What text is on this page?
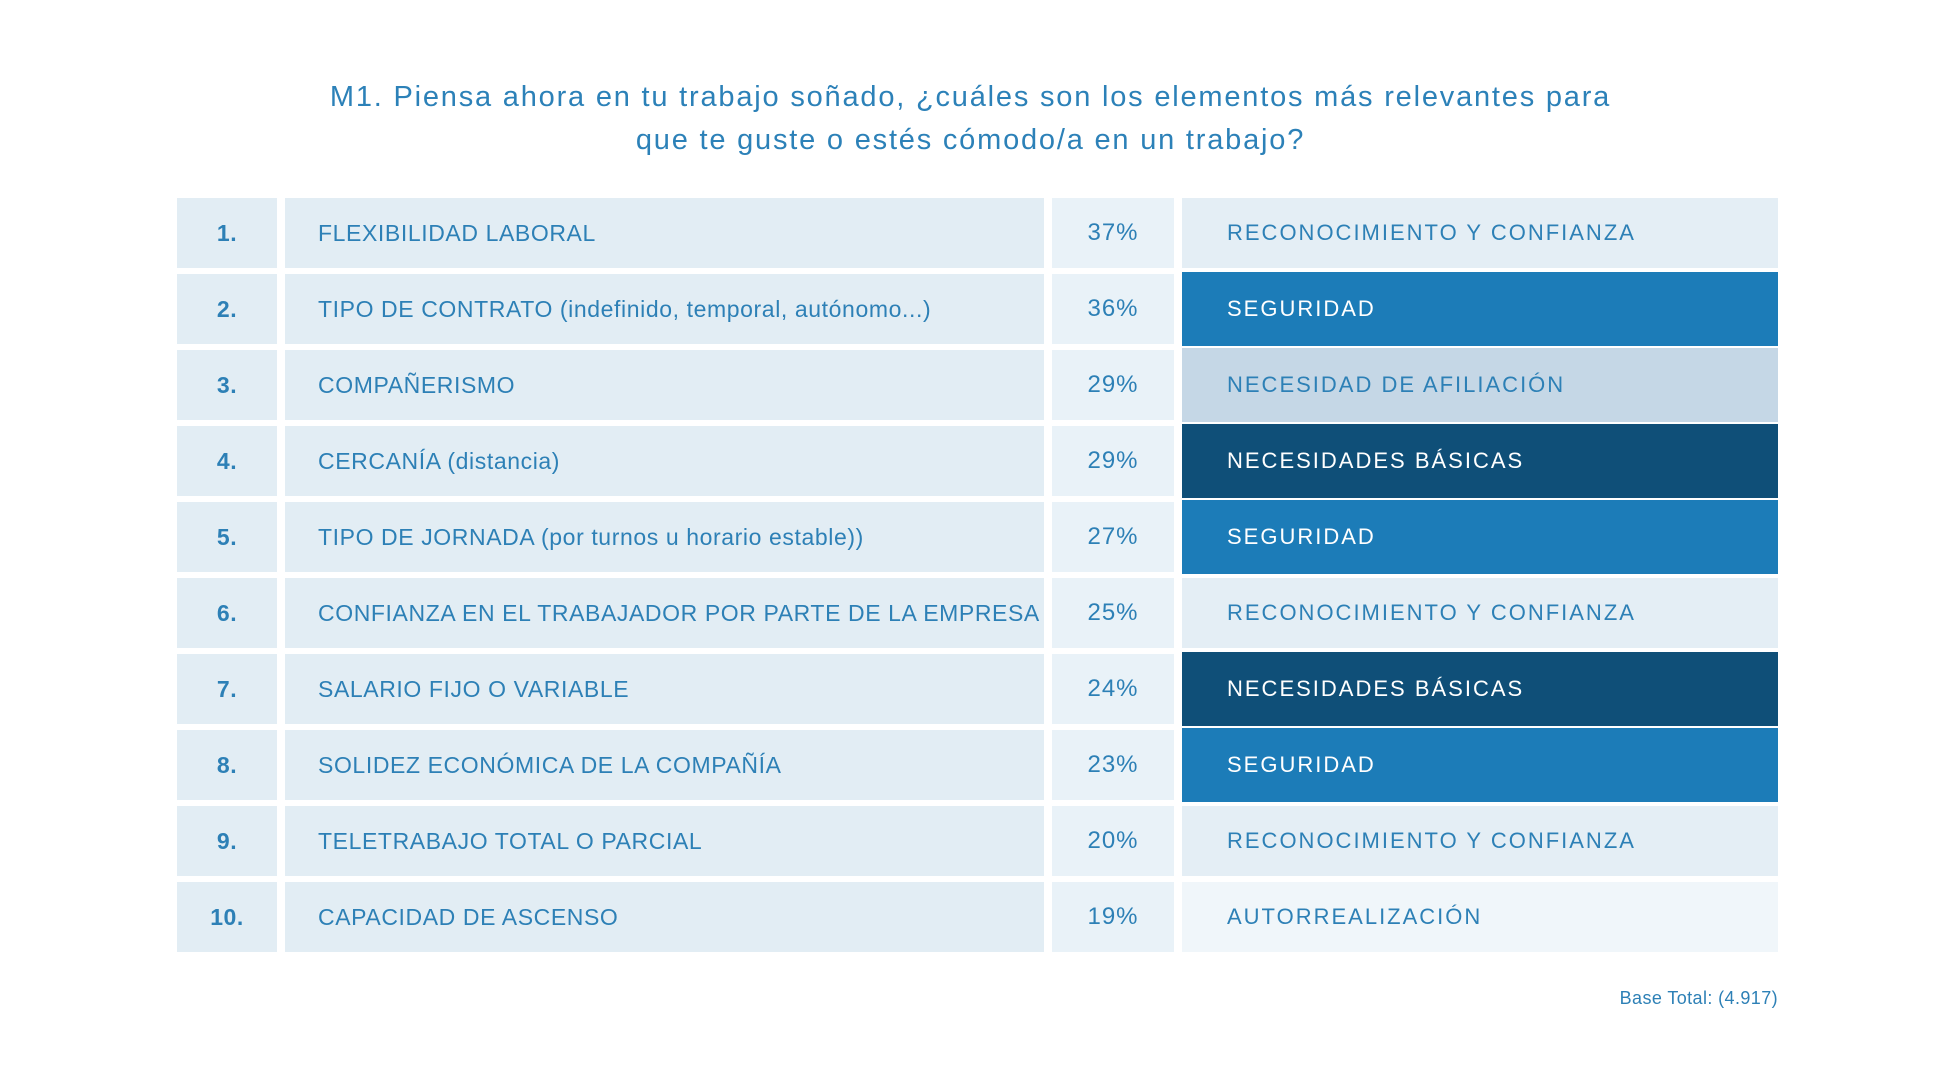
M1. Piensa ahora en tu trabajo soñado, ¿cuáles son los elementos más relevantes para
que te guste o estés cómodo/a en un trabajo?
1.	FLEXIBILIDAD LABORAL	37%	RECONOCIMIENTO Y CONFIANZA
2.	TIPO DE CONTRATO (indefinido, temporal, autónomo...)	36%	SEGURIDAD
3.	COMPAÑERISMO	29%	NECESIDAD DE AFILIACIÓN
4.	CERCANÍA (distancia)	29%	NECESIDADES BÁSICAS
5.	TIPO DE JORNADA (por turnos u horario estable))	27%	SEGURIDAD
6.	CONFIANZA EN EL TRABAJADOR POR PARTE DE LA EMPRESA	25%	RECONOCIMIENTO Y CONFIANZA
7.	SALARIO FIJO O VARIABLE	24%	NECESIDADES BÁSICAS
8.	SOLIDEZ ECONÓMICA DE LA COMPAÑÍA	23%	SEGURIDAD
9.	TELETRABAJO TOTAL O PARCIAL	20%	RECONOCIMIENTO Y CONFIANZA
10.	CAPACIDAD DE ASCENSO	19%	AUTORREALIZACIÓN
Base Total: (4.917)
